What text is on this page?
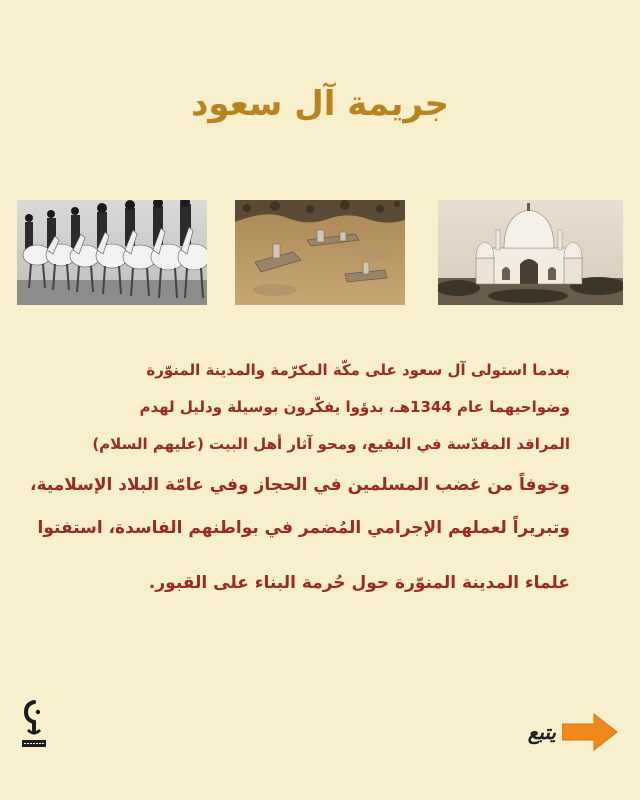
جريمة آل سعود
بعدما استولى آل سعود على مكّة المكرّمة والمدينة المنوّرة
وضواحيهما عام 1344هـ، بدؤوا يفكّرون بوسيلة ودليل لهدم
المراقد المقدّسة في البقيع، ومحو آثار أهل البيت (عليهم السلام)
وخوفاً من غضب المسلمين في الحجاز وفي عامّة البلاد الإسلامية،
وتبريراً لعملهم الإجرامي المُضمر في بواطنهم الفاسدة، استفتوا
علماء المدينة المنوّرة حول حُرمة البناء على القبور.
يتبع
